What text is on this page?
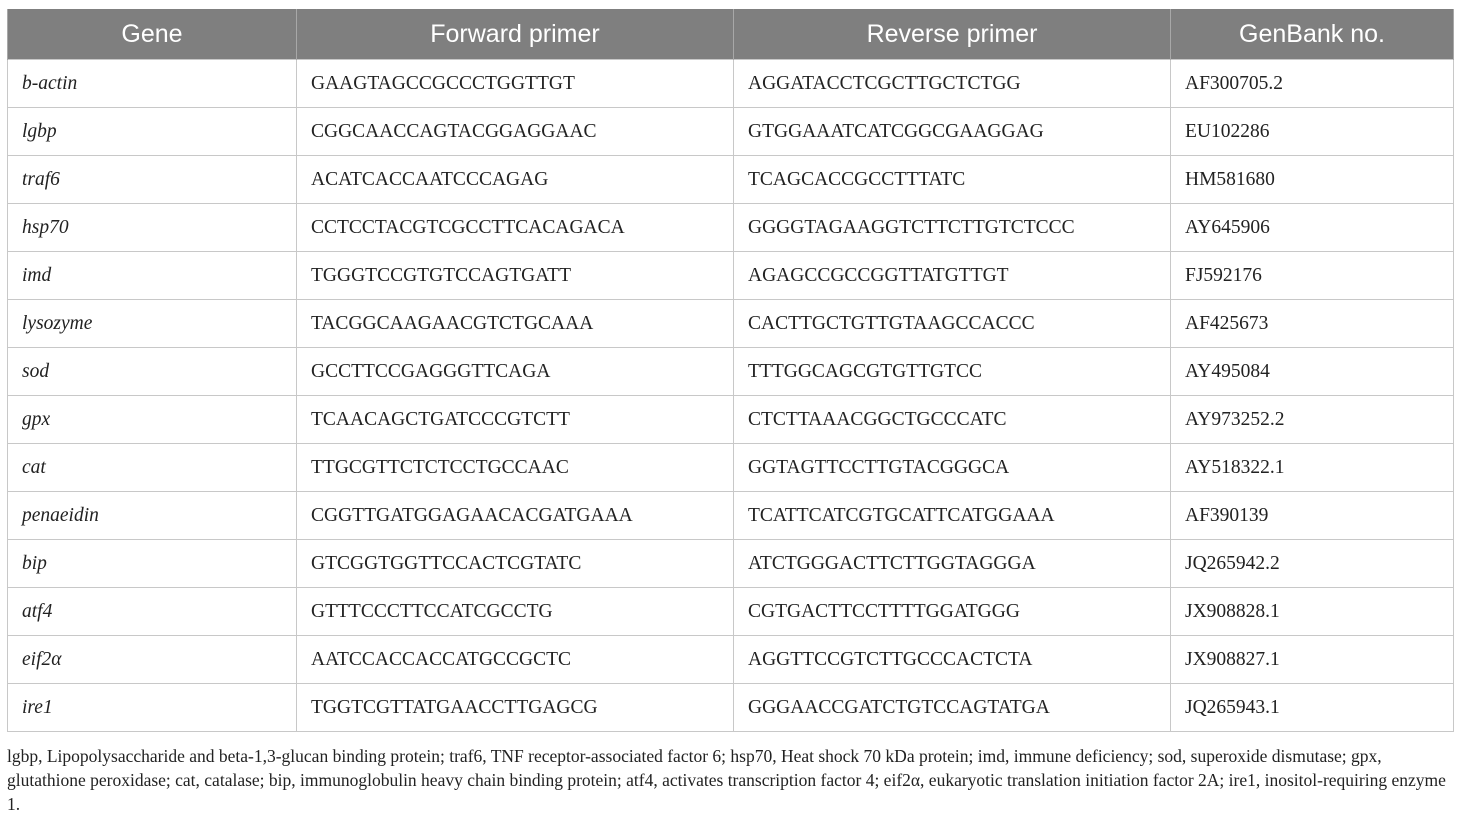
Gene	Forward primer	Reverse primer	GenBank no.
b-actin	GAAGTAGCCGCCCTGGTTGT	AGGATACCTCGCTTGCTCTGG	AF300705.2
lgbp	CGGCAACCAGTACGGAGGAAC	GTGGAAATCATCGGCGAAGGAG	EU102286
traf6	ACATCACCAATCCCAGAG	TCAGCACCGCCTTTATC	HM581680
hsp70	CCTCCTACGTCGCCTTCACAGACA	GGGGTAGAAGGTCTTCTTGTCTCCC	AY645906
imd	TGGGTCCGTGTCCAGTGATT	AGAGCCGCCGGTTATGTTGT	FJ592176
lysozyme	TACGGCAAGAACGTCTGCAAA	CACTTGCTGTTGTAAGCCACCC	AF425673
sod	GCCTTCCGAGGGTTCAGA	TTTGGCAGCGTGTTGTCC	AY495084
gpx	TCAACAGCTGATCCCGTCTT	CTCTTAAACGGCTGCCCATC	AY973252.2
cat	TTGCGTTCTCTCCTGCCAAC	GGTAGTTCCTTGTACGGGCA	AY518322.1
penaeidin	CGGTTGATGGAGAACACGATGAAA	TCATTCATCGTGCATTCATGGAAA	AF390139
bip	GTCGGTGGTTCCACTCGTATC	ATCTGGGACTTCTTGGTAGGGA	JQ265942.2
atf4	GTTTCCCTTCCATCGCCTG	CGTGACTTCCTTTTGGATGGG	JX908828.1
eif2α	AATCCACCACCATGCCGCTC	AGGTTCCGTCTTGCCCACTCTA	JX908827.1
ire1	TGGTCGTTATGAACCTTGAGCG	GGGAACCGATCTGTCCAGTATGA	JQ265943.1

lgbp, Lipopolysaccharide and beta-1,3-glucan binding protein; traf6, TNF receptor-associated factor 6; hsp70, Heat shock 70 kDa protein; imd, immune deficiency; sod, superoxide dismutase; gpx, glutathione peroxidase; cat, catalase; bip, immunoglobulin heavy chain binding protein; atf4, activates transcription factor 4; eif2α, eukaryotic translation initiation factor 2A; ire1, inositol-requiring enzyme 1.
